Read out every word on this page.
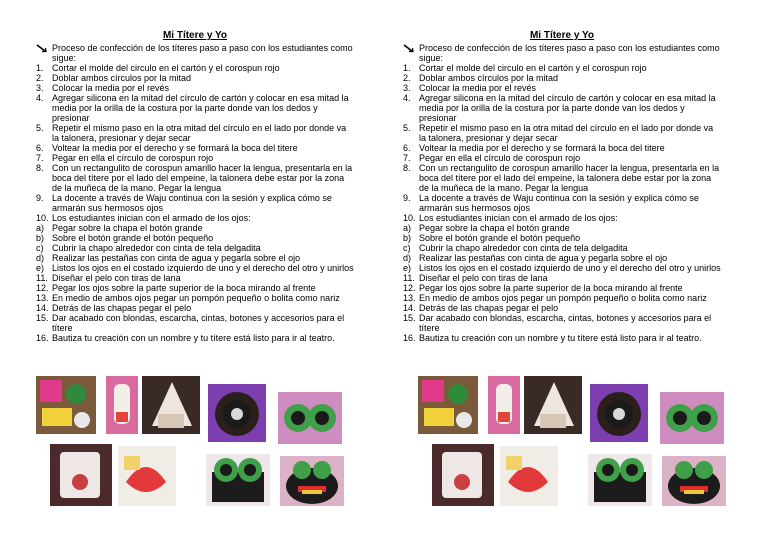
Mi Títere y Yo

Proceso de confección de los títeres paso a paso con los estudiantes como sigue:

1. Cortar el molde del circulo en el cartón y el corospun rojo
2. Doblar ambos círculos por la mitad
3. Colocar la media por el revés
4. Agregar silicona en la mitad del círculo de cartón y colocar en esa mitad la media por la orilla de la costura por la parte donde van los dedos y presionar
5. Repetir el mismo paso en la otra mitad del círculo en el lado por donde va la talonera, presionar y dejar secar
6. Voltear la media por el derecho y se formará la boca del titere
7. Pegar en ella el círculo de corospun rojo
8. Con un rectangulito de corospun amarillo hacer la lengua, presentarla en la boca del títere por el lado del empeine, la talonera debe estar por la zona de la muñeca de la mano. Pegar la lengua
9. La docente a través de Waju continua con la sesión y explica cómo se armarán sus hermosos ojos
10. Los estudiantes inician con el armado de los ojos:
a) Pegar sobre la chapa el botón grande
b) Sobre el botón grande el botón pequeño
c) Cubrir la chapo alrededor con cinta de tela delgadita
d) Realizar las pestañas con cinta de agua y pegarla sobre el ojo
e) Listos los ojos en el costado izquierdo de uno y el derecho del otro y unirlos
11. Diseñar el pelo con tiras de lana
12. Pegar los ojos sobre la parte superior de la boca mirando al frente
13. En medio de ambos ojos pegar un pompón pequeño o bolita como nariz
14. Detrás de las chapas pegar el pelo
15. Dar acabado con blondas, escarcha, cintas, botones y accesorios para el títere
16. Bautiza tu creación con un nombre y tu títere está listo para ir al teatro.

Mi Títere y Yo

Proceso de confección de los títeres paso a paso con los estudiantes como sigue:

1. Cortar el molde del circulo en el cartón y el corospun rojo
2. Doblar ambos círculos por la mitad
3. Colocar la media por el revés
4. Agregar silicona en la mitad del círculo de cartón y colocar en esa mitad la media por la orilla de la costura por la parte donde van los dedos y presionar
5. Repetir el mismo paso en la otra mitad del círculo en el lado por donde va la talonera, presionar y dejar secar
6. Voltear la media por el derecho y se formará la boca del titere
7. Pegar en ella el círculo de corospun rojo
8. Con un rectangulito de corospun amarillo hacer la lengua, presentarla en la boca del títere por el lado del empeine, la talonera debe estar por la zona de la muñeca de la mano. Pegar la lengua
9. La docente a través de Waju continua con la sesión y explica cómo se armarán sus hermosos ojos
10. Los estudiantes inician con el armado de los ojos:
a) Pegar sobre la chapa el botón grande
b) Sobre el botón grande el botón pequeño
c) Cubrir la chapo alrededor con cinta de tela delgadita
d) Realizar las pestañas con cinta de agua y pegarla sobre el ojo
e) Listos los ojos en el costado izquierdo de uno y el derecho del otro y unirlos
11. Diseñar el pelo con tiras de lana
12. Pegar los ojos sobre la parte superior de la boca mirando al frente
13. En medio de ambos ojos pegar un pompón pequeño o bolita como nariz
14. Detrás de las chapas pegar el pelo
15. Dar acabado con blondas, escarcha, cintas, botones y accesorios para el títere
16. Bautiza tu creación con un nombre y tu títere está listo para ir al teatro.
